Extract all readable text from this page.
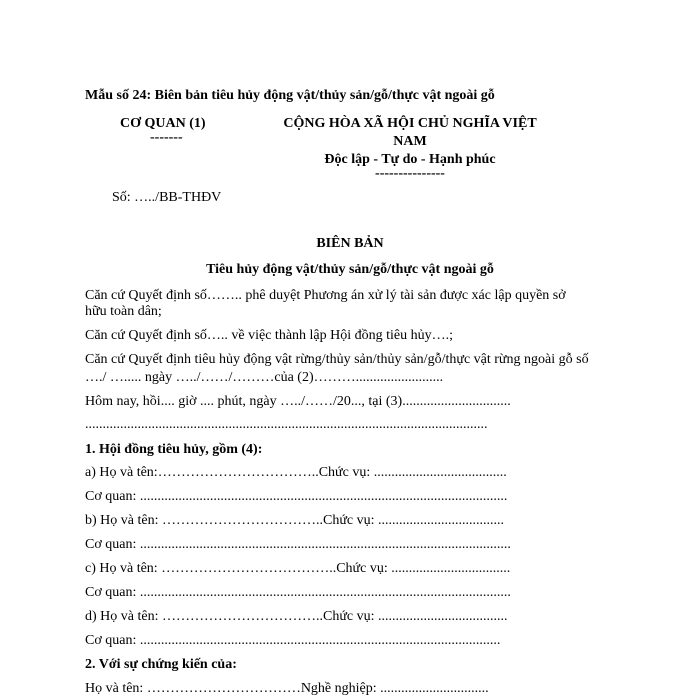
Mẫu số 24: Biên bản tiêu hủy động vật/thủy sản/gỗ/thực vật ngoài gỗ
CƠ QUAN (1)
-------
CỘNG HÒA XÃ HỘI CHỦ NGHĨA VIỆT
NAM
Độc lập - Tự do - Hạnh phúc
---------------
Số: …../BB-THĐV
BIÊN BẢN
Tiêu hủy động vật/thủy sản/gỗ/thực vật ngoài gỗ
Căn cứ Quyết định số…….. phê duyệt Phương án xử lý tài sản được xác lập quyền sở
hữu toàn dân;
Căn cứ Quyết định số….. về việc thành lập Hội đồng tiêu hủy….;
Căn cứ Quyết định tiêu hủy động vật rừng/thủy sản/thủy sản/gỗ/thực vật rừng ngoài gỗ số
…./ …..... ngày …../……/………của (2)……….........................
Hôm nay, hồi.... giờ .... phút, ngày …../……/20..., tại (3)...............................
...................................................................................................................
1. Hội đồng tiêu hủy, gồm (4):
a) Họ và tên:……………………………..Chức vụ: ......................................
Cơ quan: .........................................................................................................
b) Họ và tên: ……………………………..Chức vụ: ....................................
Cơ quan: ..........................................................................................................
c) Họ và tên: ………………………………..Chức vụ: ..................................
Cơ quan: ..........................................................................................................
d) Họ và tên: ……………………………..Chức vụ: .....................................
Cơ quan: .......................................................................................................
2. Với sự chứng kiến của:
Họ và tên: ……………………………Nghề nghiệp: ...............................
